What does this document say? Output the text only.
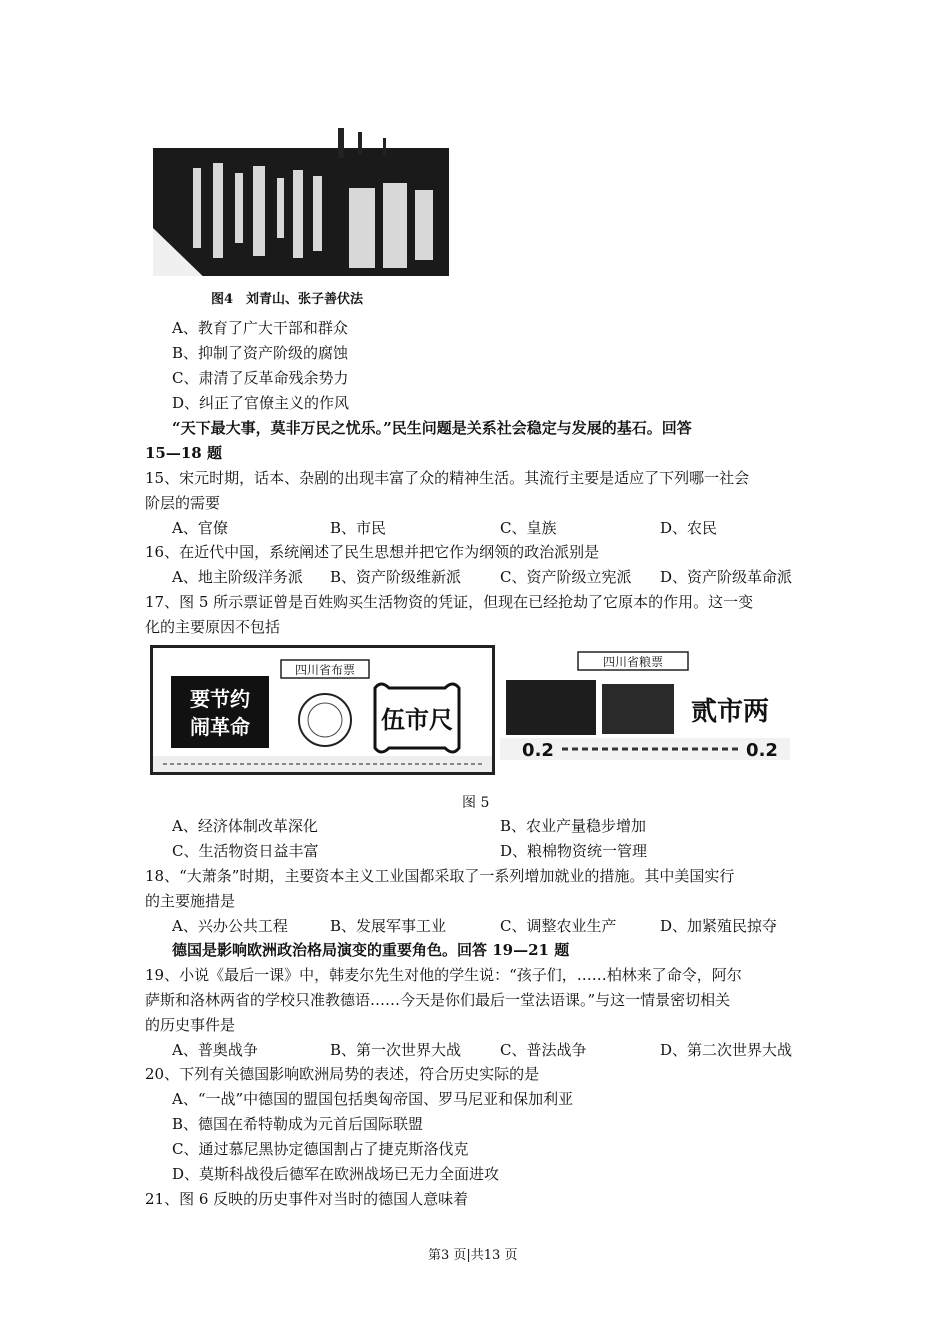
图4　刘青山、张子善伏法
A、教育了广大干部和群众
B、抑制了资产阶级的腐蚀
C、肃清了反革命残余势力
D、纠正了官僚主义的作风
“天下最大事，莫非万民之忧乐。”民生问题是关系社会稳定与发展的基石。回答
15—18 题
15、宋元时期，话本、杂剧的出现丰富了众的精神生活。其流行主要是适应了下列哪一社会
阶层的需要
A、官僚	B、市民	C、皇族	D、农民
16、在近代中国，系统阐述了民生思想并把它作为纲领的政治派别是
A、地主阶级洋务派 B、资产阶级维新派	C、资产阶级立宪派 D、资产阶级革命派
17、图 5 所示票证曾是百姓购买生活物资的凭证，但现在已经抢劫了它原本的作用。这一变
化的主要原因不包括
要节约
闹革命
四川省布票
伍市尺
四川省粮票
贰市两
0.2	0.2
图 5
A、经济体制改革深化	B、农业产量稳步增加
C、生活物资日益丰富	D、粮棉物资统一管理
18、“大萧条”时期，主要资本主义工业国都采取了一系列增加就业的措施。其中美国实行
的主要施措是
A、兴办公共工程	B、发展军事工业	C、调整农业生产	D、加紧殖民掠夺
德国是影响欧洲政治格局演变的重要角色。回答 19—21 题
19、小说《最后一课》中，韩麦尔先生对他的学生说：“孩子们，……柏林来了命令，阿尔
萨斯和洛林两省的学校只准教德语……今天是你们最后一堂法语课。”与这一情景密切相关
的历史事件是
A、普奥战争	B、第一次世界大战	C、普法战争	D、第二次世界大战
20、下列有关德国影响欧洲局势的表述，符合历史实际的是
A、“一战”中德国的盟国包括奥匈帝国、罗马尼亚和保加利亚
B、德国在希特勒成为元首后国际联盟
C、通过慕尼黑协定德国割占了捷克斯洛伐克
D、莫斯科战役后德军在欧洲战场已无力全面进攻
21、图 6 反映的历史事件对当时的德国人意味着
第3 页|共13 页
